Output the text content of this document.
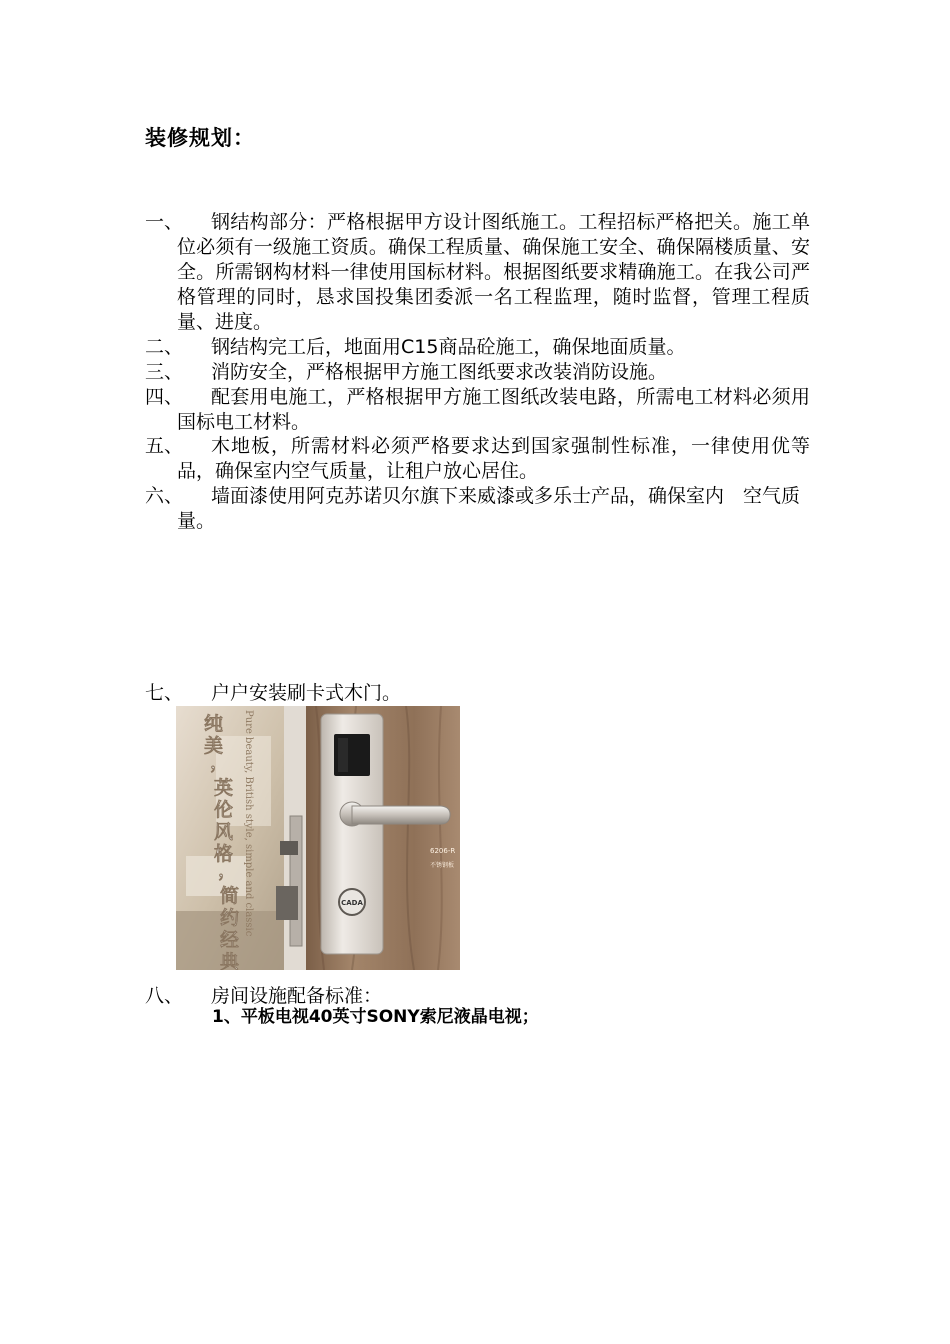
装修规划：
一、	钢结构部分：严格根据甲方设计图纸施工。工程招标严格把关。施工单位必须有一级施工资质。确保工程质量、确保施工安全、确保隔楼质量、安全。所需钢构材料一律使用国标材料。根据图纸要求精确施工。在我公司严格管理的同时，恳求国投集团委派一名工程监理，随时监督，管理工程质量、进度。
二、	钢结构完工后，地面用C15商品砼施工，确保地面质量。
三、	消防安全，严格根据甲方施工图纸要求改装消防设施。
四、	配套用电施工，严格根据甲方施工图纸改装电路，所需电工材料必须用国标电工材料。
五、	木地板，所需材料必须严格要求达到国家强制性标准，一律使用优等品，确保室内空气质量，让租户放心居住。
六、	墙面漆使用阿克苏诺贝尔旗下来威漆或多乐士产品，确保室内　空气质量。
七、	户户安装刷卡式木门。
CADA
6206-R
不锈钢板
纯
美
，
英
伦
风
格
，
简
约
经
典
Pure beauty, British style, simple and classic
八、	房间设施配备标准：
1、平板电视40英寸SONY索尼液晶电视；
